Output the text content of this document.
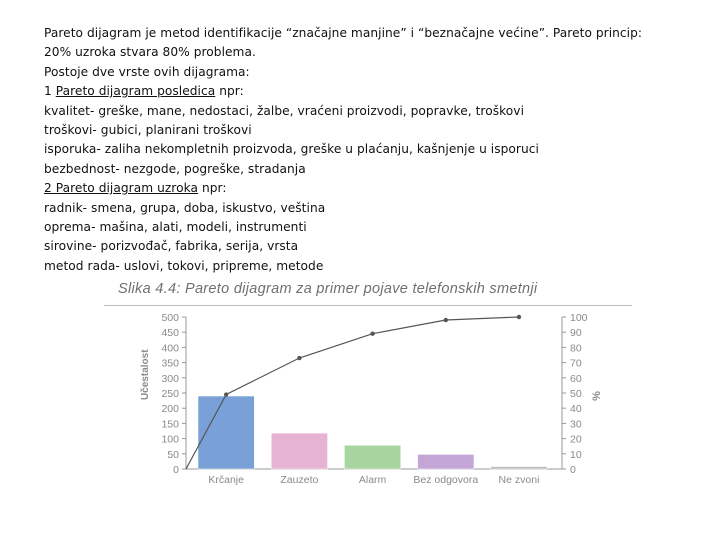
Pareto dijagram je metod identifikacije “značajne manjine” i “beznačajne većine”. Pareto princip:
20% uzroka stvara 80% problema.
Postoje dve vrste ovih dijagrama:
1 Pareto dijagram posledica npr:
kvalitet- greške, mane, nedostaci, žalbe, vraćeni proizvodi, popravke, troškovi
troškovi- gubici, planirani troškovi
isporuka- zaliha nekompletnih proizvoda, greške u plaćanju, kašnjenje u isporuci
bezbednost- nezgode, pogreške, stradanja
2 Pareto dijagram uzroka npr:
radnik- smena, grupa, doba, iskustvo, veština
oprema- mašina, alati, modeli, instrumenti
sirovine- porizvođač, fabrika, serija, vrsta
metod rada- uslovi, tokovi, pripreme, metode
Slika 4.4: Pareto dijagram za primer pojave telefonskih smetnji
0
50
100
150
200
250
300
350
400
450
500
0
10
20
30
40
50
60
70
80
90
100
Učestalost	%
Krčanje	Zauzeto	Alarm	Bez odgovora Ne zvoni
